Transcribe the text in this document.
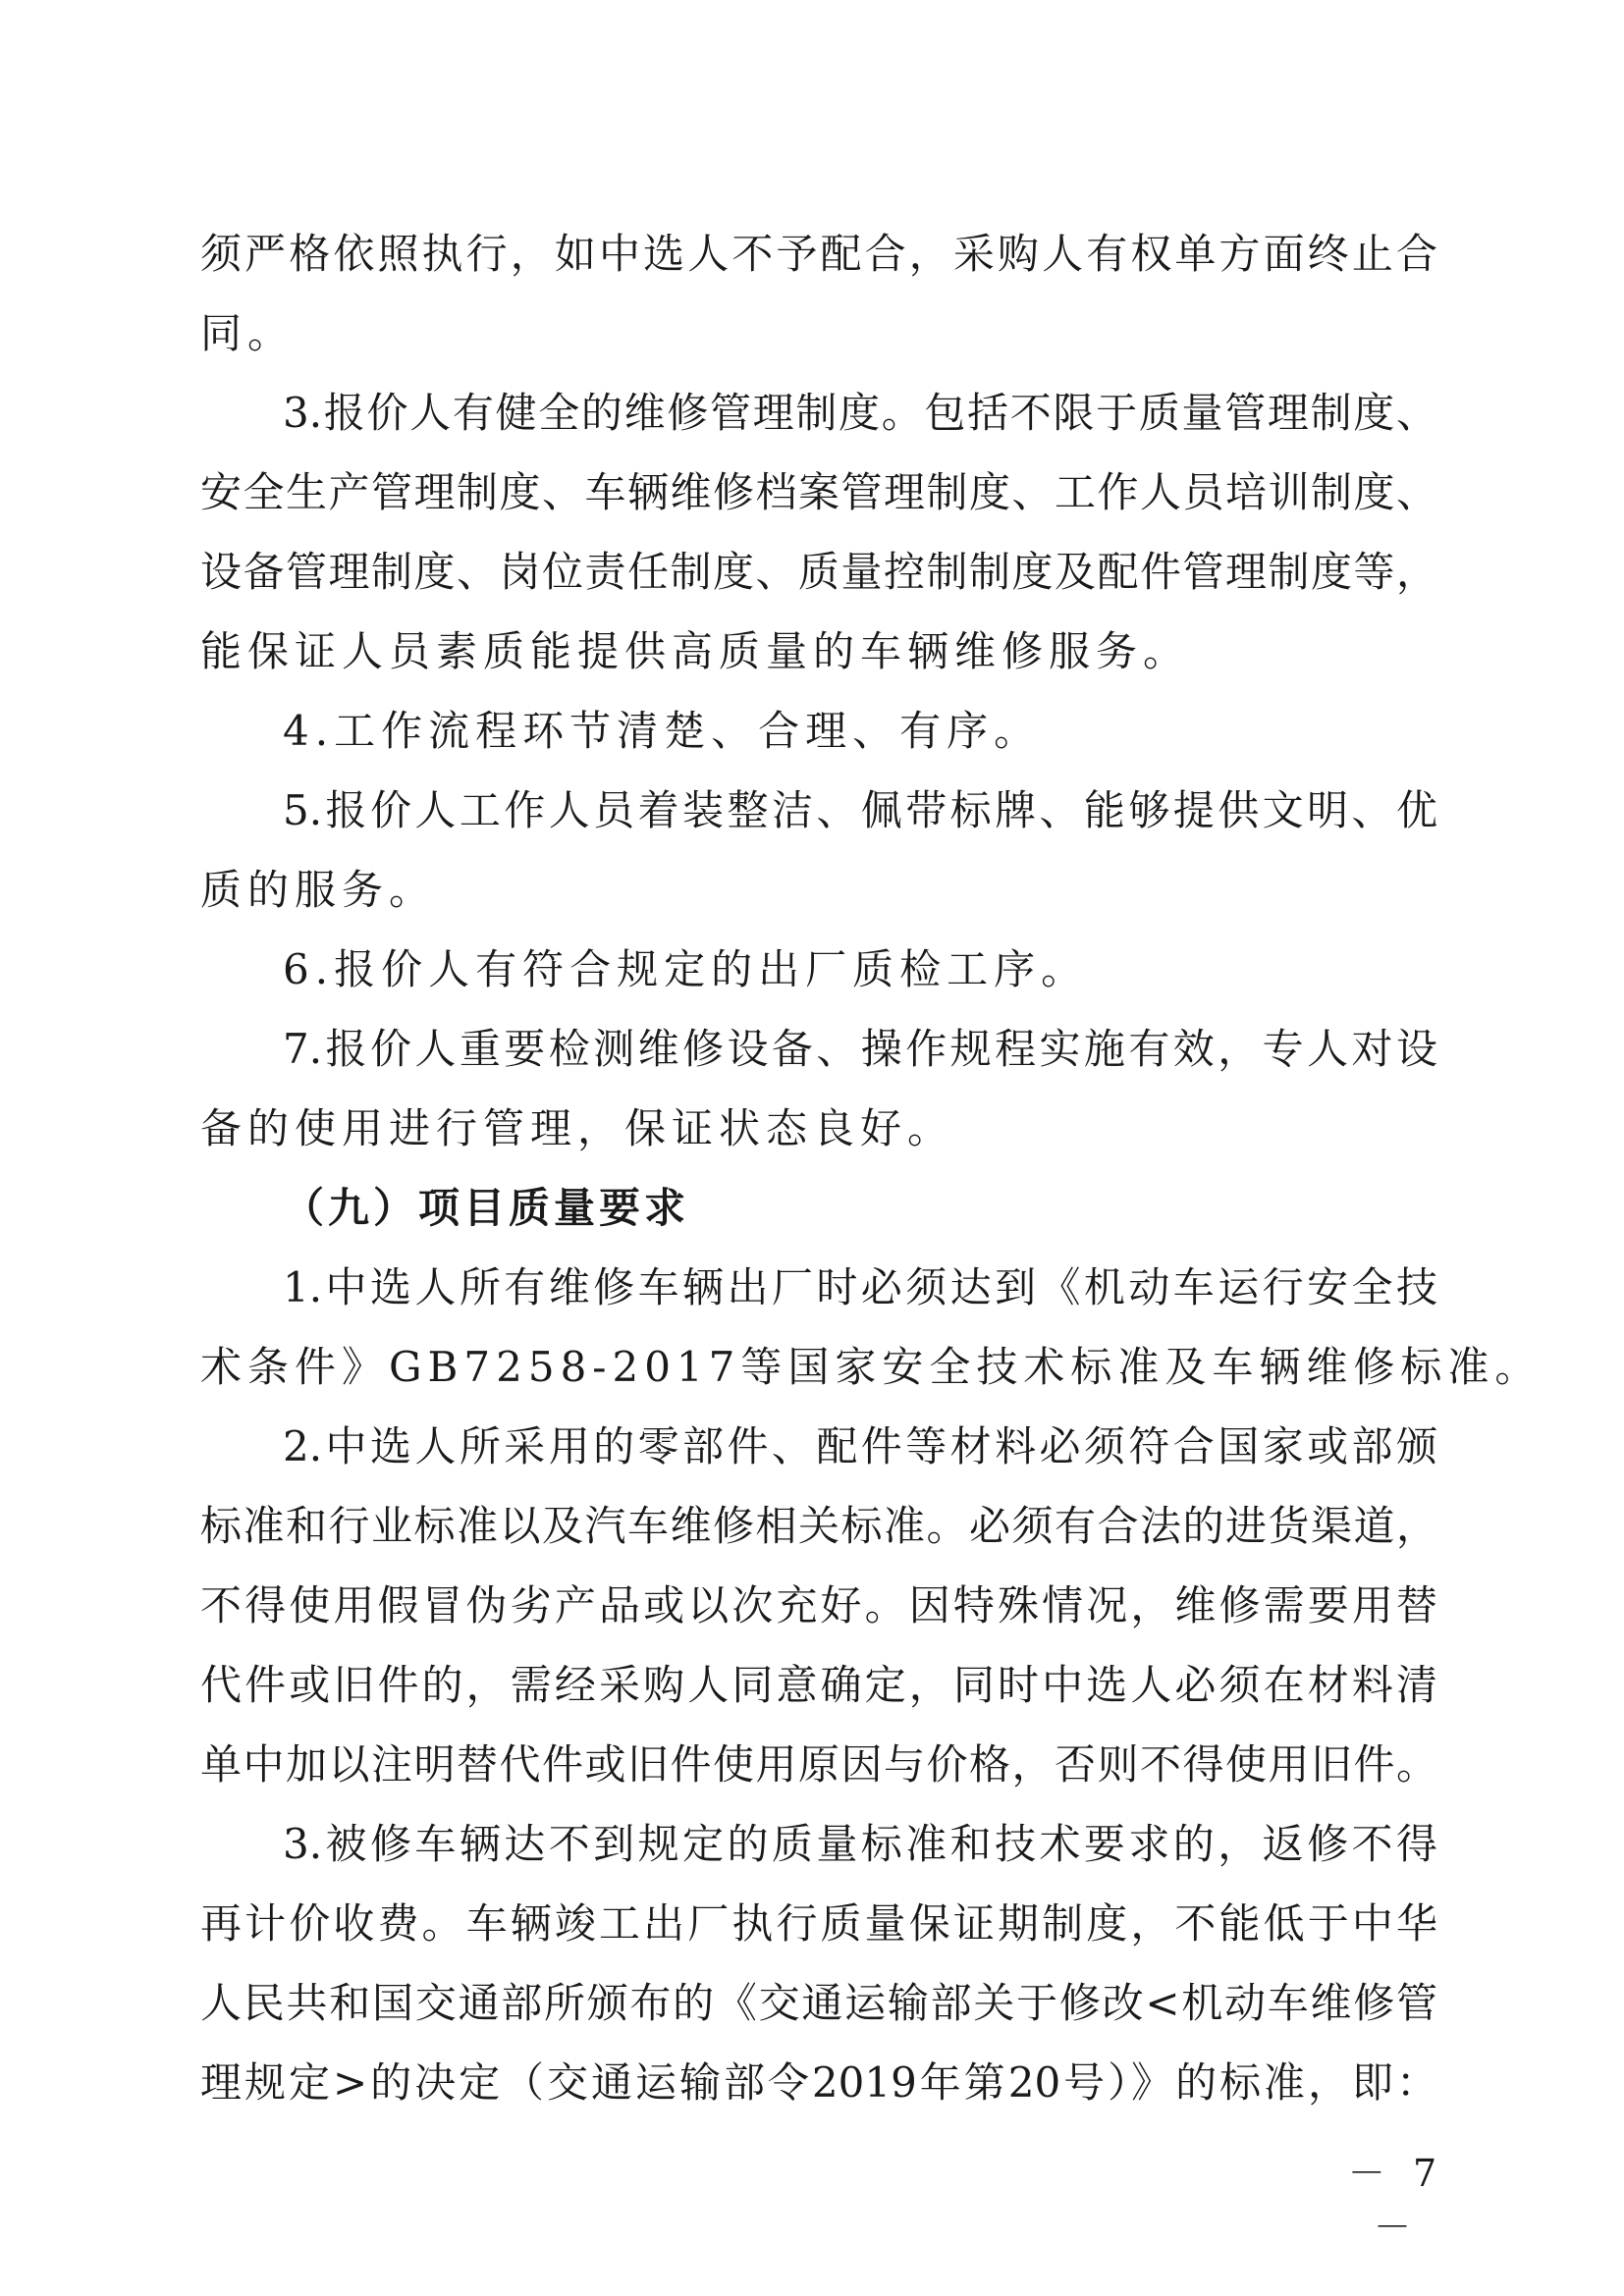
须严格依照执行，如中选人不予配合，采购人有权单方面终止合
同。
3.报价人有健全的维修管理制度。包括不限于质量管理制度、
安全生产管理制度、车辆维修档案管理制度、工作人员培训制度、
设备管理制度、岗位责任制度、质量控制制度及配件管理制度等，
能保证人员素质能提供高质量的车辆维修服务。
4.工作流程环节清楚、合理、有序。
5.报价人工作人员着装整洁、佩带标牌、能够提供文明、优
质的服务。
6.报价人有符合规定的出厂质检工序。
7.报价人重要检测维修设备、操作规程实施有效，专人对设
备的使用进行管理，保证状态良好。
（九）项目质量要求
1.中选人所有维修车辆出厂时必须达到《机动车运行安全技
术条件》GB7258-2017等国家安全技术标准及车辆维修标准。
2.中选人所采用的零部件、配件等材料必须符合国家或部颁
标准和行业标准以及汽车维修相关标准。必须有合法的进货渠道，
不得使用假冒伪劣产品或以次充好。因特殊情况，维修需要用替
代件或旧件的，需经采购人同意确定，同时中选人必须在材料清
单中加以注明替代件或旧件使用原因与价格，否则不得使用旧件。
3.被修车辆达不到规定的质量标准和技术要求的，返修不得
再计价收费。车辆竣工出厂执行质量保证期制度，不能低于中华
人民共和国交通部所颁布的《交通运输部关于修改<机动车维修管
理规定>的决定（交通运输部令2019年第20号）》的标准，即：
－ 7 －
